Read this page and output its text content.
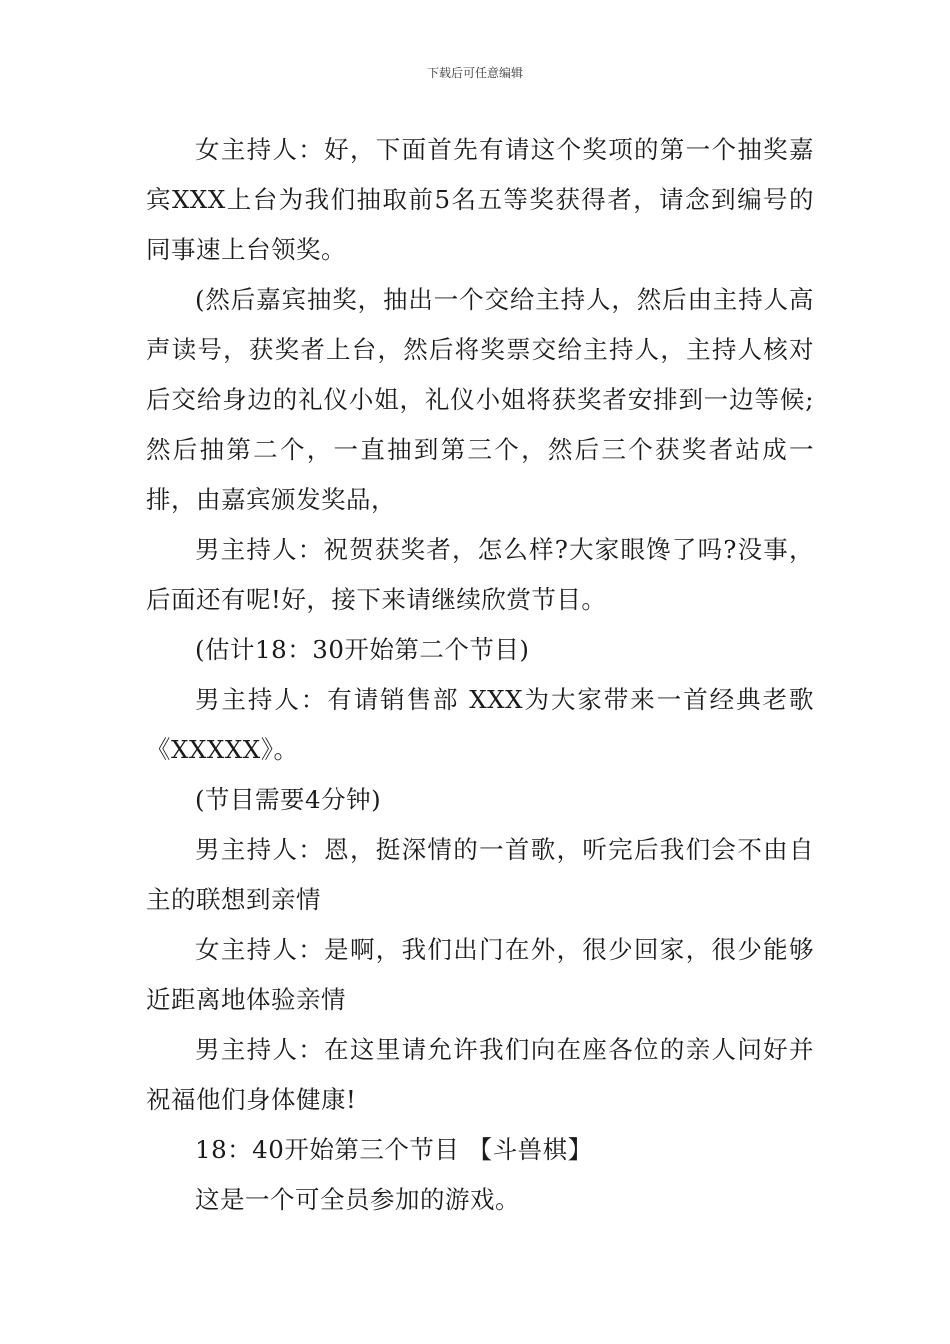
下载后可任意编辑

女主持人：好，下面首先有请这个奖项的第一个抽奖嘉宾XXX上台为我们抽取前5名五等奖获得者，请念到编号的同事速上台领奖。

(然后嘉宾抽奖，抽出一个交给主持人，然后由主持人高声读号，获奖者上台，然后将奖票交给主持人，主持人核对后交给身边的礼仪小姐，礼仪小姐将获奖者安排到一边等候;然后抽第二个，一直抽到第三个，然后三个获奖者站成一排，由嘉宾颁发奖品，

男主持人：祝贺获奖者，怎么样?大家眼馋了吗?没事，后面还有呢!好，接下来请继续欣赏节目。

(估计18：30开始第二个节目)

男主持人：有请销售部 XXX为大家带来一首经典老歌《XXXXX》。

(节目需要4分钟)

男主持人：恩，挺深情的一首歌，听完后我们会不由自主的联想到亲情

女主持人：是啊，我们出门在外，很少回家，很少能够近距离地体验亲情

男主持人：在这里请允许我们向在座各位的亲人问好并祝福他们身体健康!

18：40开始第三个节目 【斗兽棋】

这是一个可全员参加的游戏。
